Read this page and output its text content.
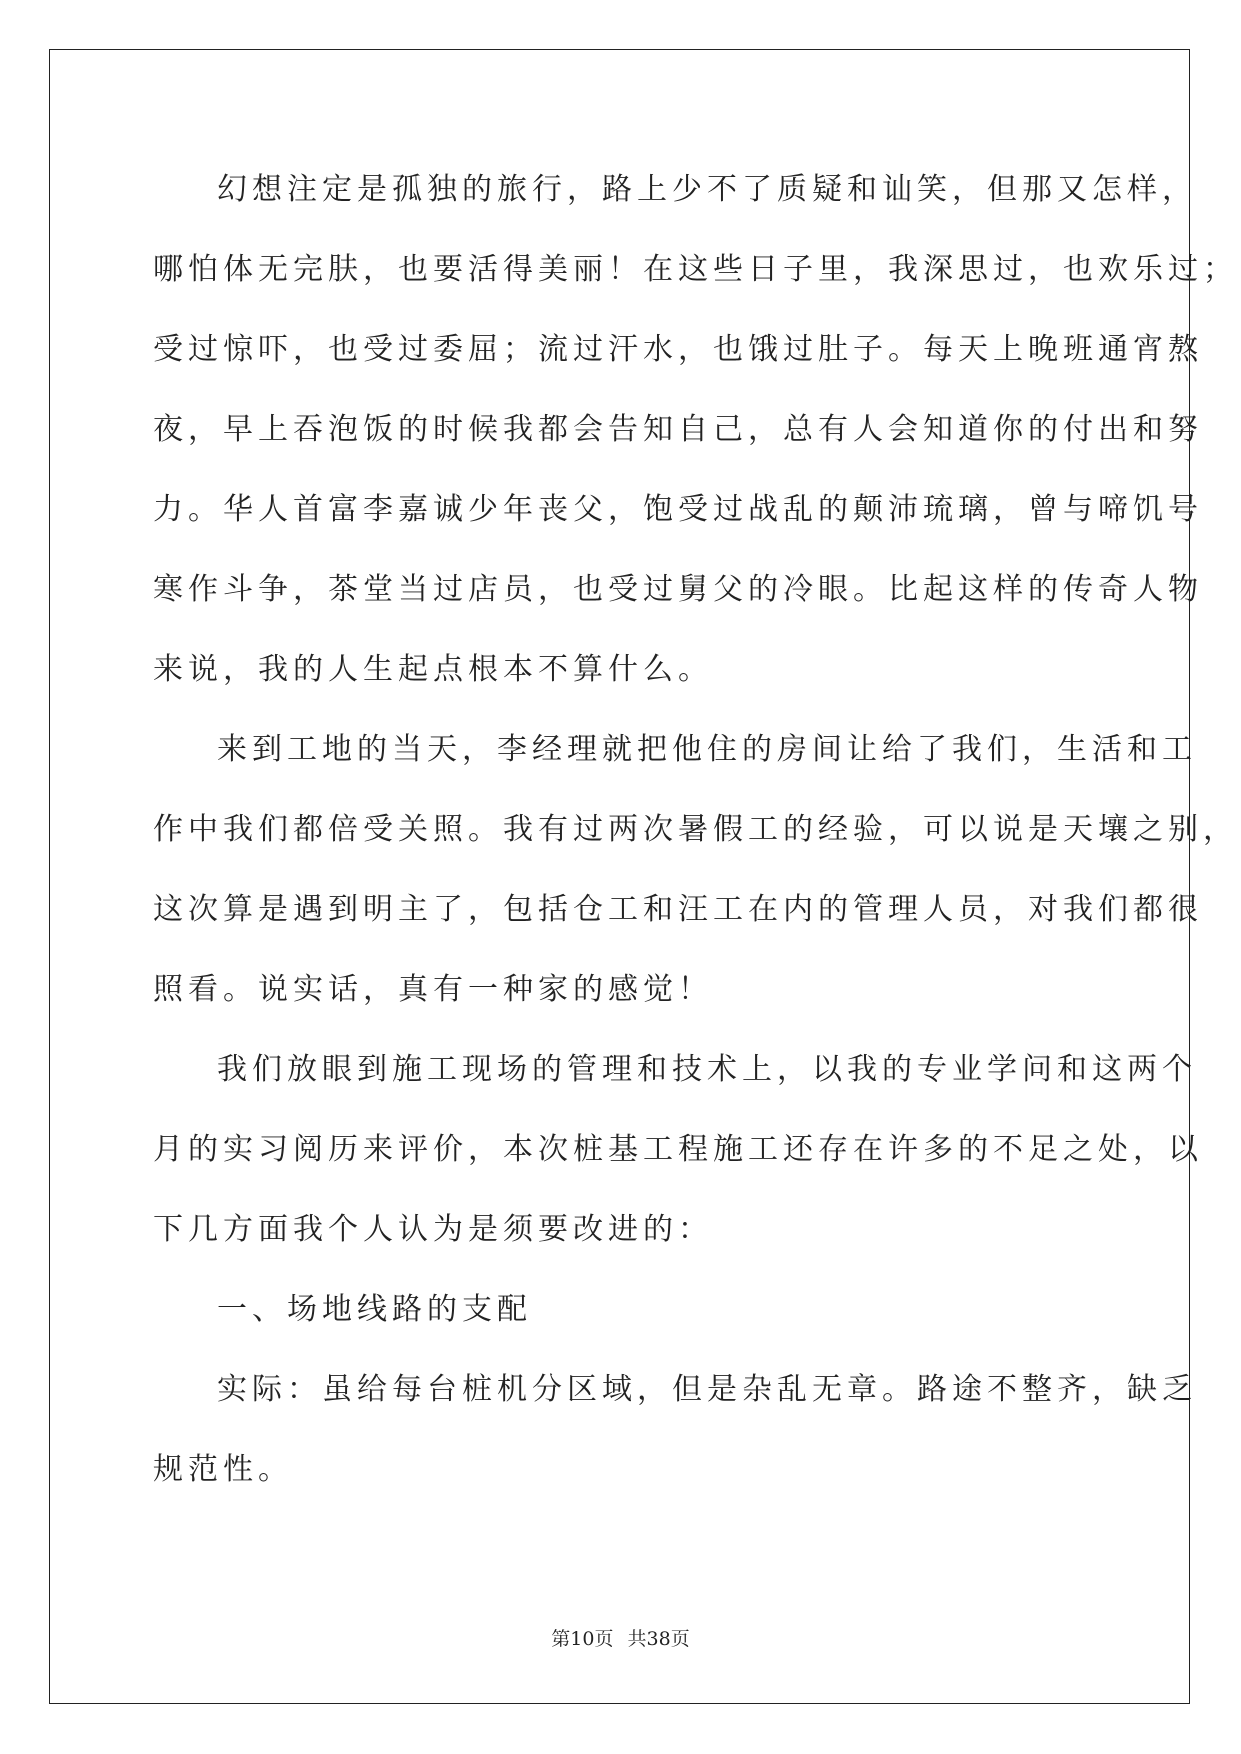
幻想注定是孤独的旅行，路上少不了质疑和讪笑，但那又怎样，
哪怕体无完肤，也要活得美丽！在这些日子里，我深思过，也欢乐过；
受过惊吓，也受过委屈；流过汗水，也饿过肚子。每天上晚班通宵熬
夜，早上吞泡饭的时候我都会告知自己，总有人会知道你的付出和努
力。华人首富李嘉诚少年丧父，饱受过战乱的颠沛琉璃，曾与啼饥号
寒作斗争，茶堂当过店员，也受过舅父的冷眼。比起这样的传奇人物
来说，我的人生起点根本不算什么。
来到工地的当天，李经理就把他住的房间让给了我们，生活和工
作中我们都倍受关照。我有过两次暑假工的经验，可以说是天壤之别，
这次算是遇到明主了，包括仓工和汪工在内的管理人员，对我们都很
照看。说实话，真有一种家的感觉！
我们放眼到施工现场的管理和技术上，以我的专业学问和这两个
月的实习阅历来评价，本次桩基工程施工还存在许多的不足之处，以
下几方面我个人认为是须要改进的：
一、场地线路的支配
实际：虽给每台桩机分区域，但是杂乱无章。路途不整齐，缺乏
规范性。
第10页 共38页
